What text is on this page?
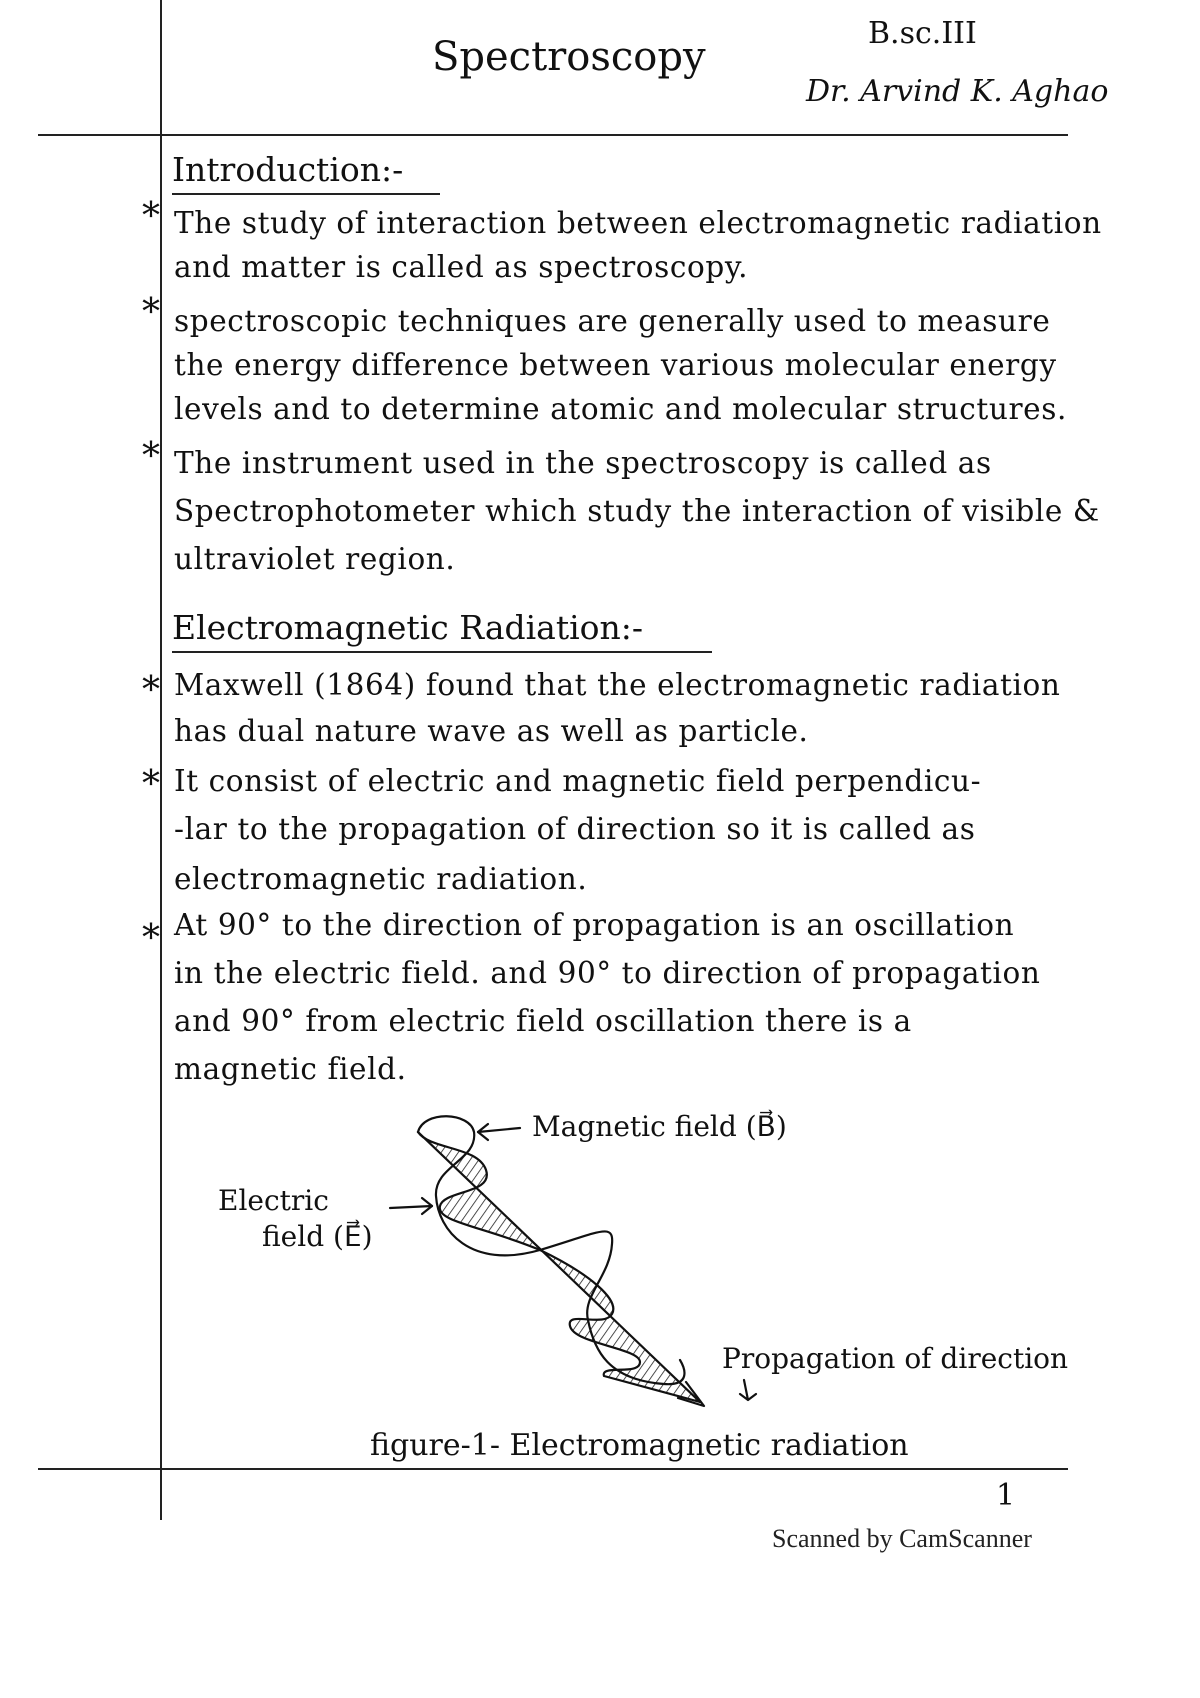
Spectroscopy
B.sc.III
Dr. Arvind K. Aghao
Introduction:-
* The study of interaction between electromagnetic radiation
and matter is called as spectroscopy.
* spectroscopic techniques are generally used to measure
the energy difference between various molecular energy
levels and to determine atomic and molecular structures.
* The instrument used in the spectroscopy is called as
Spectrophotometer which study the interaction of visible &
ultraviolet region.
Electromagnetic Radiation:-
* Maxwell (1864) found that the electromagnetic radiation
has dual nature wave as well as particle.
* It consist of electric and magnetic field perpendicu-
-lar to the propagation of direction so it is called as
electromagnetic radiation.
* At 90° to the direction of propagation is an oscillation
in the electric field. and 90° to direction of propagation
and 90° from electric field oscillation there is a
magnetic field.
Magnetic field (B⃗)
Electric
field (E⃗)
Propagation of direction
figure-1- Electromagnetic radiation
1
Scanned by CamScanner
